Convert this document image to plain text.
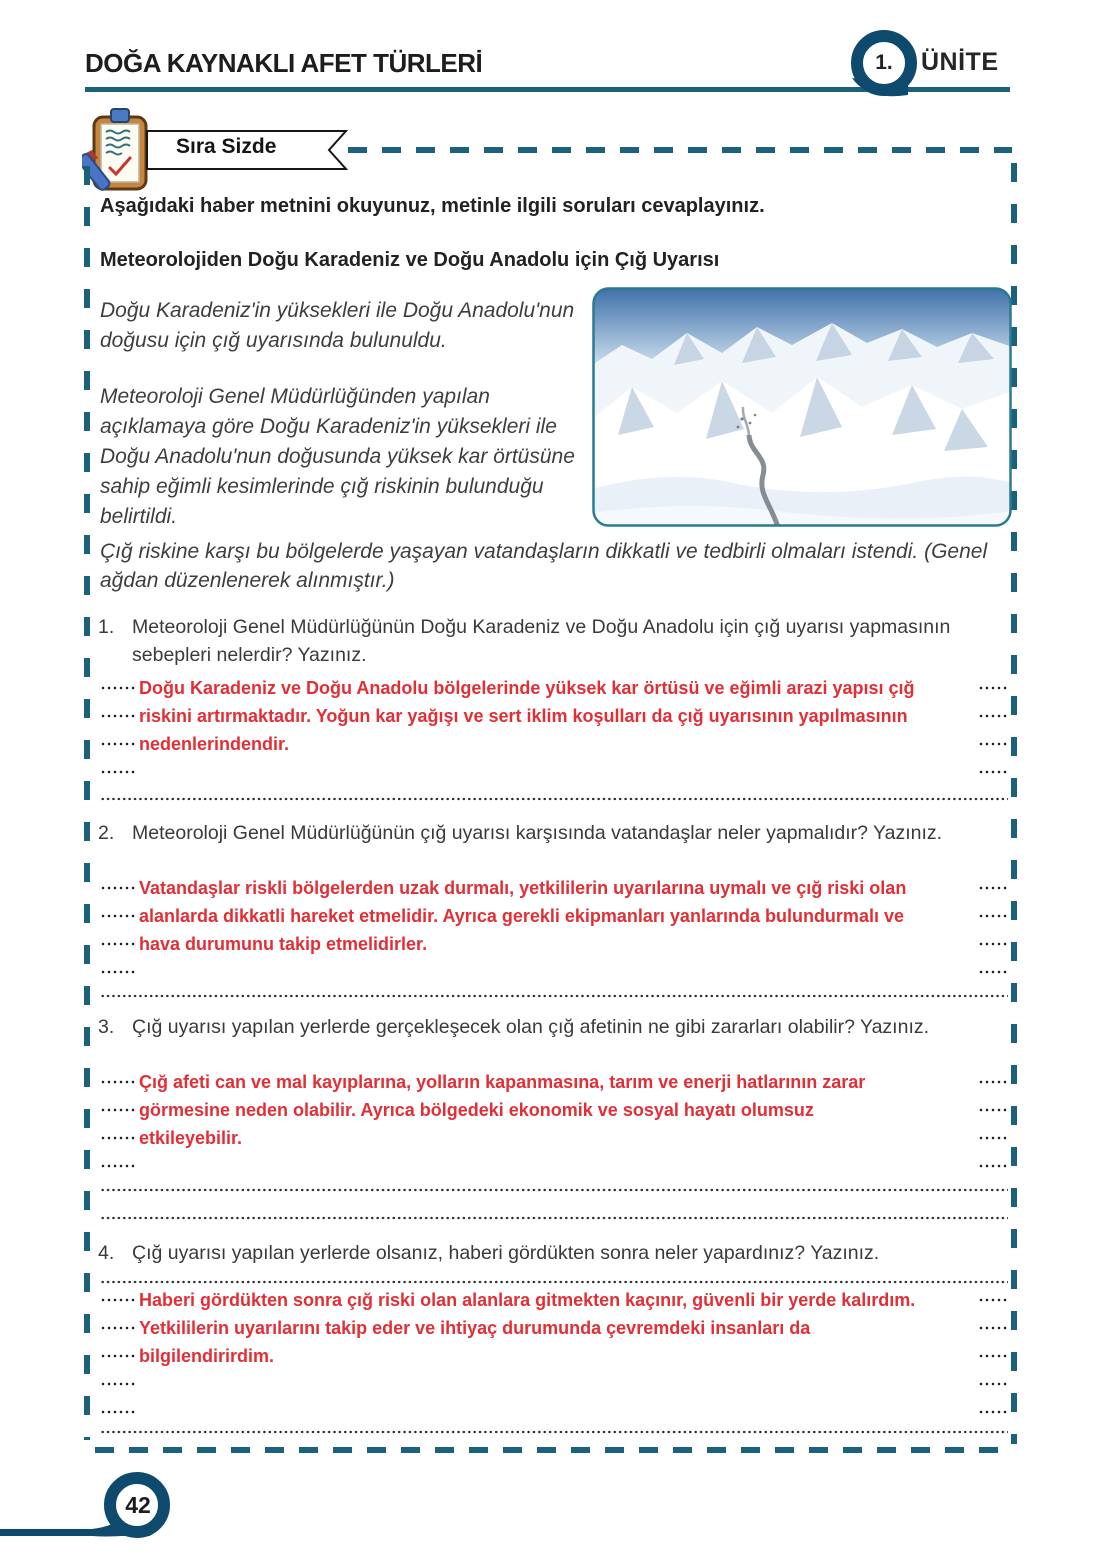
DOĞA KAYNAKLI AFET TÜRLERİ	1.	ÜNİTE
Sıra Sizde
Aşağıdaki haber metnini okuyunuz, metinle ilgili soruları cevaplayınız.
Meteorolojiden Doğu Karadeniz ve Doğu Anadolu için Çığ Uyarısı

Doğu Karadeniz'in yüksekleri ile Doğu Anadolu'nun doğusu için çığ uyarısında bulunuldu.

Meteoroloji Genel Müdürlüğünden yapılan açıklamaya göre Doğu Karadeniz'in yüksekleri ile Doğu Anadolu'nun doğusunda yüksek kar örtüsüne sahip eğimli kesimlerinde çığ riskinin bulunduğu belirtildi.

Çığ riskine karşı bu bölgelerde yaşayan vatandaşların dikkatli ve tedbirli olmaları istendi. (Genel ağdan düzenlenerek alınmıştır.)
1. Meteoroloji Genel Müdürlüğünün Doğu Karadeniz ve Doğu Anadolu için çığ uyarısı yapmasının sebepleri nelerdir? Yazınız.
Doğu Karadeniz ve Doğu Anadolu bölgelerinde yüksek kar örtüsü ve eğimli arazi yapısı çığ
riskini artırmaktadır. Yoğun kar yağışı ve sert iklim koşulları da çığ uyarısının yapılmasının
nedenlerindendir.
2. Meteoroloji Genel Müdürlüğünün çığ uyarısı karşısında vatandaşlar neler yapmalıdır? Yazınız.
Vatandaşlar riskli bölgelerden uzak durmalı, yetkililerin uyarılarına uymalı ve çığ riski olan
alanlarda dikkatli hareket etmelidir. Ayrıca gerekli ekipmanları yanlarında bulundurmalı ve
hava durumunu takip etmelidirler.
3. Çığ uyarısı yapılan yerlerde gerçekleşecek olan çığ afetinin ne gibi zararları olabilir? Yazınız.
Çığ afeti can ve mal kayıplarına, yolların kapanmasına, tarım ve enerji hatlarının zarar
görmesine neden olabilir. Ayrıca bölgedeki ekonomik ve sosyal hayatı olumsuz
etkileyebilir.
4. Çığ uyarısı yapılan yerlerde olsanız, haberi gördükten sonra neler yapardınız? Yazınız.
Haberi gördükten sonra çığ riski olan alanlara gitmekten kaçınır, güvenli bir yerde kalırdım.
Yetkililerin uyarılarını takip eder ve ihtiyaç durumunda çevremdeki insanları da
bilgilendirirdim.
42
